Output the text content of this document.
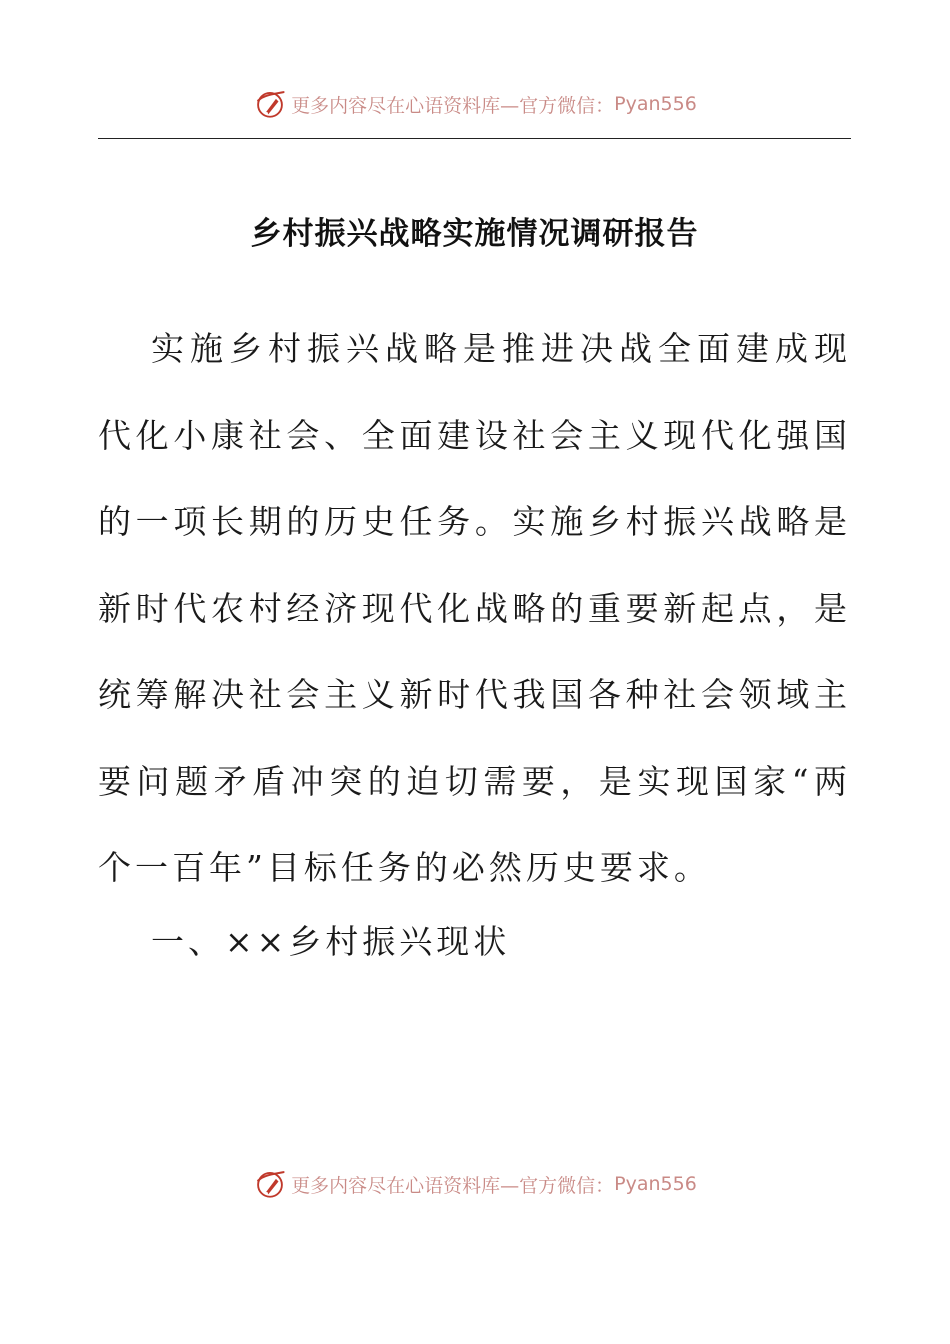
更多内容尽在心语资料库—官方微信： Pyan556
乡村振兴战略实施情况调研报告
实施乡村振兴战略是推进决战全面建成现代化小康社会、全面建设社会主义现代化强国的一项长期的历史任务。实施乡村振兴战略是新时代农村经济现代化战略的重要新起点，是统筹解决社会主义新时代我国各种社会领域主要问题矛盾冲突的迫切需要，是实现国家“两个一百年”目标任务的必然历史要求。
一、××乡村振兴现状
更多内容尽在心语资料库—官方微信： Pyan556
